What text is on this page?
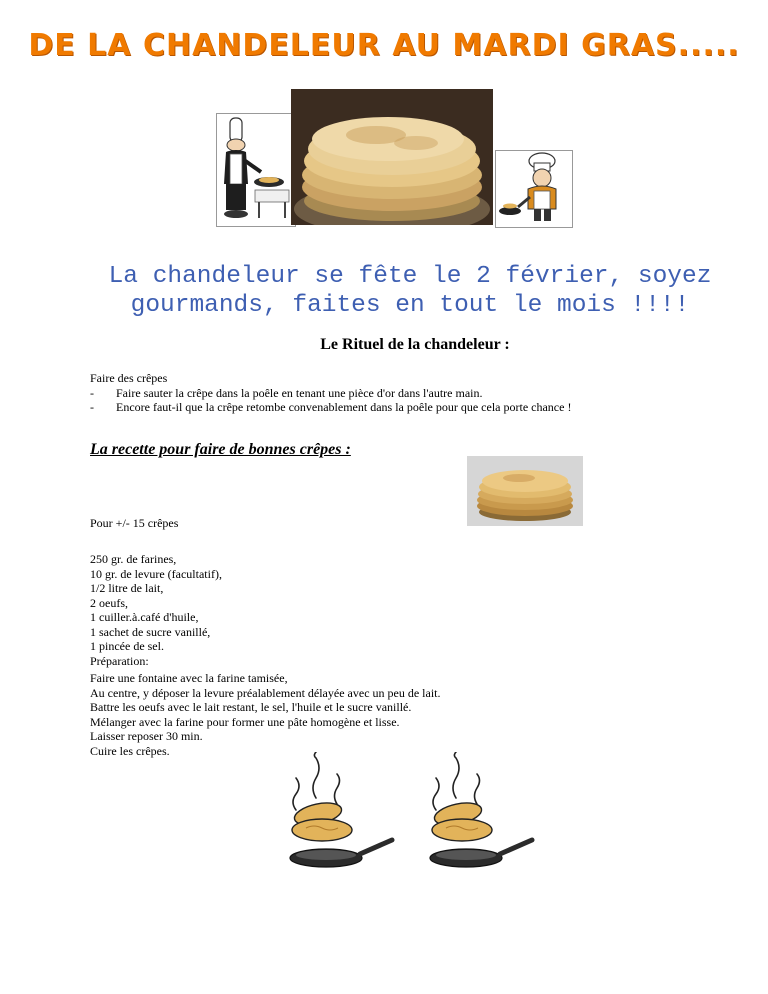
DE LA CHANDELEUR AU MARDI GRAS.....
La chandeleur se fête le 2 février, soyez
gourmands, faites en tout le mois !!!!
Le Rituel de la chandeleur :
Faire des crêpes
-	Faire sauter la crêpe dans la poêle en tenant une pièce d'or dans l'autre main.
-	Encore faut-il que la crêpe retombe convenablement dans la poêle pour que cela porte chance !
La recette pour faire de bonnes crêpes :
Pour +/- 15 crêpes
250 gr. de farines,
10 gr. de levure (facultatif),
1/2 litre de lait,
2 oeufs,
1 cuiller.à.café d'huile,
1 sachet de sucre vanillé,
1 pincée de sel.
Préparation:
Faire une fontaine avec la farine tamisée,
Au centre, y déposer la levure préalablement délayée avec un peu de lait.
Battre les oeufs avec le lait restant, le sel, l'huile et le sucre vanillé.
Mélanger avec la farine pour former une pâte homogène et lisse.
Laisser reposer 30 min.
Cuire les crêpes.
